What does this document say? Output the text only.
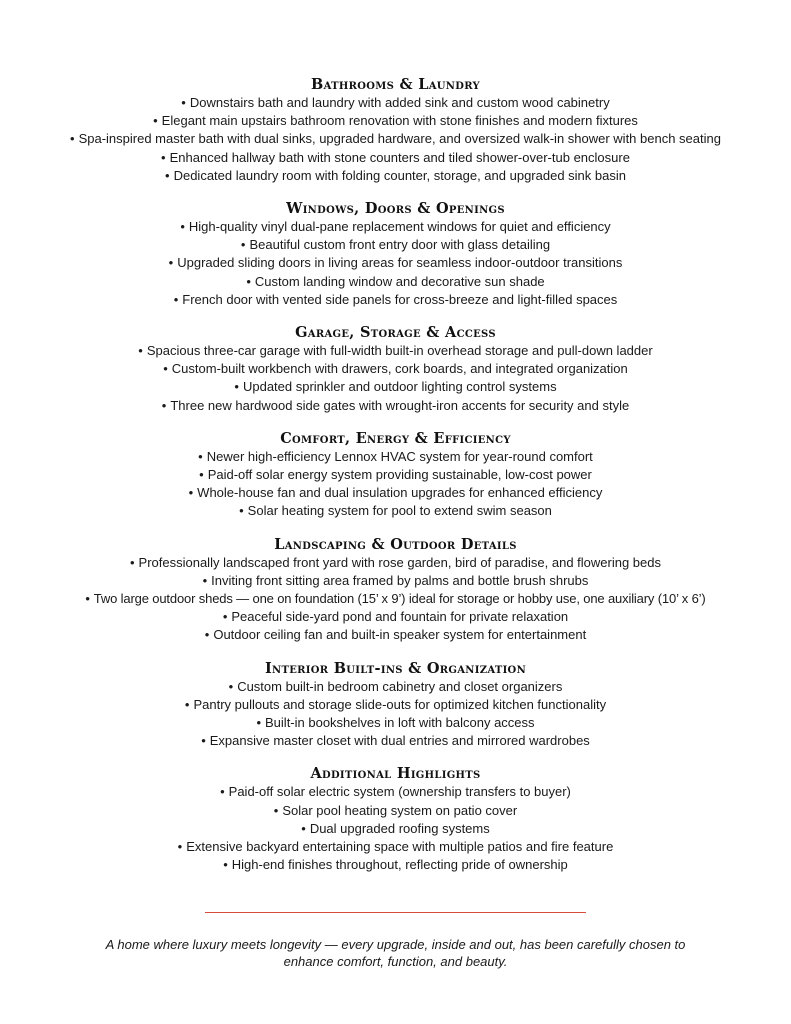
Bathrooms & Laundry
• Downstairs bath and laundry with added sink and custom wood cabinetry
• Elegant main upstairs bathroom renovation with stone finishes and modern fixtures
• Spa-inspired master bath with dual sinks, upgraded hardware, and oversized walk-in shower with bench seating
• Enhanced hallway bath with stone counters and tiled shower-over-tub enclosure
• Dedicated laundry room with folding counter, storage, and upgraded sink basin
Windows, Doors & Openings
• High-quality vinyl dual-pane replacement windows for quiet and efficiency
• Beautiful custom front entry door with glass detailing
• Upgraded sliding doors in living areas for seamless indoor-outdoor transitions
• Custom landing window and decorative sun shade
• French door with vented side panels for cross-breeze and light-filled spaces
Garage, Storage & Access
• Spacious three-car garage with full-width built-in overhead storage and pull-down ladder
• Custom-built workbench with drawers, cork boards, and integrated organization
• Updated sprinkler and outdoor lighting control systems
• Three new hardwood side gates with wrought-iron accents for security and style
Comfort, Energy & Efficiency
• Newer high-efficiency Lennox HVAC system for year-round comfort
• Paid-off solar energy system providing sustainable, low-cost power
• Whole-house fan and dual insulation upgrades for enhanced efficiency
• Solar heating system for pool to extend swim season
Landscaping & Outdoor Details
• Professionally landscaped front yard with rose garden, bird of paradise, and flowering beds
• Inviting front sitting area framed by palms and bottle brush shrubs
• Two large outdoor sheds — one on foundation (15’ x 9’) ideal for storage or hobby use, one auxiliary (10’ x 6’)
• Peaceful side-yard pond and fountain for private relaxation
• Outdoor ceiling fan and built-in speaker system for entertainment
Interior Built-ins & Organization
• Custom built-in bedroom cabinetry and closet organizers
• Pantry pullouts and storage slide-outs for optimized kitchen functionality
• Built-in bookshelves in loft with balcony access
• Expansive master closet with dual entries and mirrored wardrobes
Additional Highlights
• Paid-off solar electric system (ownership transfers to buyer)
• Solar pool heating system on patio cover
• Dual upgraded roofing systems
• Extensive backyard entertaining space with multiple patios and fire feature
• High-end finishes throughout, reflecting pride of ownership
A home where luxury meets longevity — every upgrade, inside and out, has been carefully chosen to enhance comfort, function, and beauty.
